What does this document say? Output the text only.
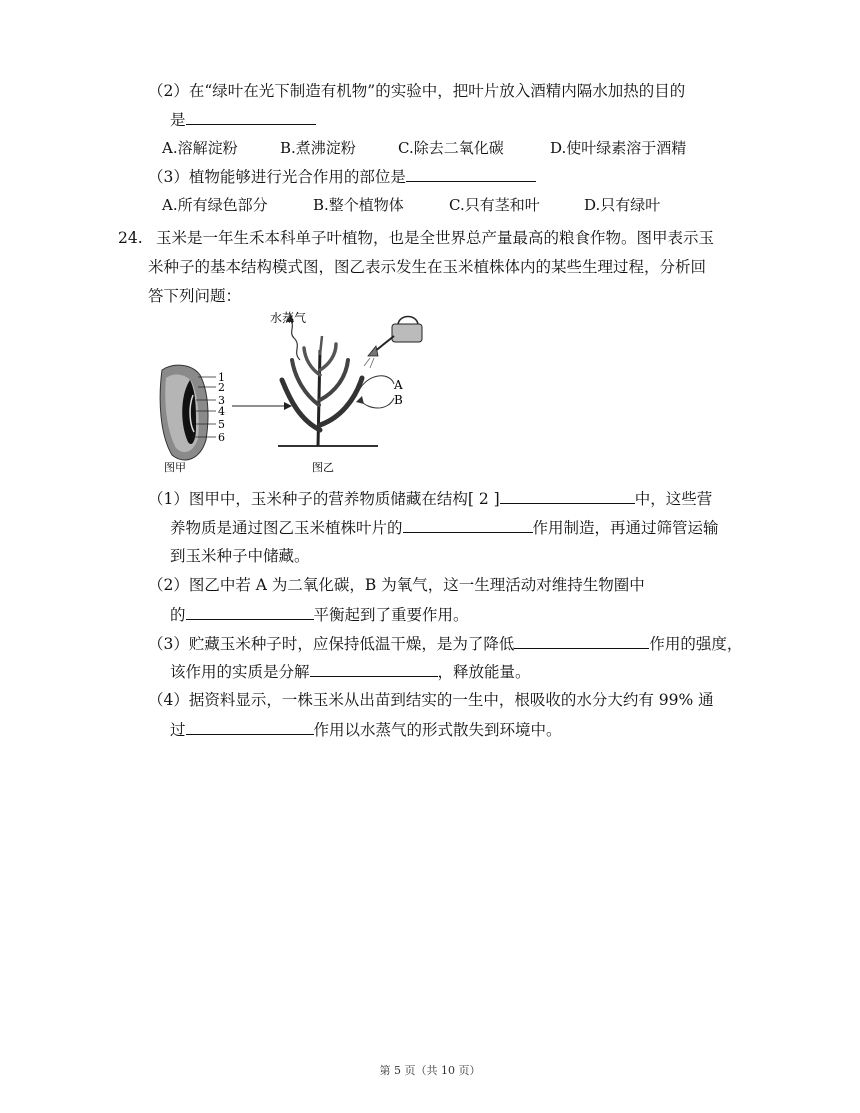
（2）在“绿叶在光下制造有机物”的实验中，把叶片放入酒精内隔水加热的目的
是
A.溶解淀粉	B.煮沸淀粉	C.除去二氧化碳	D.使叶绿素溶于酒精
（3）植物能够进行光合作用的部位是
A.所有绿色部分	B.整个植物体	C.只有茎和叶	D.只有绿叶
24. 玉米是一年生禾本科单子叶植物，也是全世界总产量最高的粮食作物。图甲表示玉
米种子的基本结构模式图，图乙表示发生在玉米植株体内的某些生理过程，分析回
答下列问题：
1
2
3
4
5
6
图甲
水蒸气
A
B
图乙
（1）图甲中，玉米种子的营养物质储藏在结构[ 2 ]	中，这些营
养物质是通过图乙玉米植株叶片的	作用制造，再通过筛管运输
到玉米种子中储藏。
（2）图乙中若 A 为二氧化碳，B 为氧气，这一生理活动对维持生物圈中
的	平衡起到了重要作用。
（3）贮藏玉米种子时，应保持低温干燥，是为了降低	作用的强度，
该作用的实质是分解	，释放能量。
（4）据资料显示，一株玉米从出苗到结实的一生中，根吸收的水分大约有 99% 通
过	作用以水蒸气的形式散失到环境中。
第 5 页（共 10 页）
